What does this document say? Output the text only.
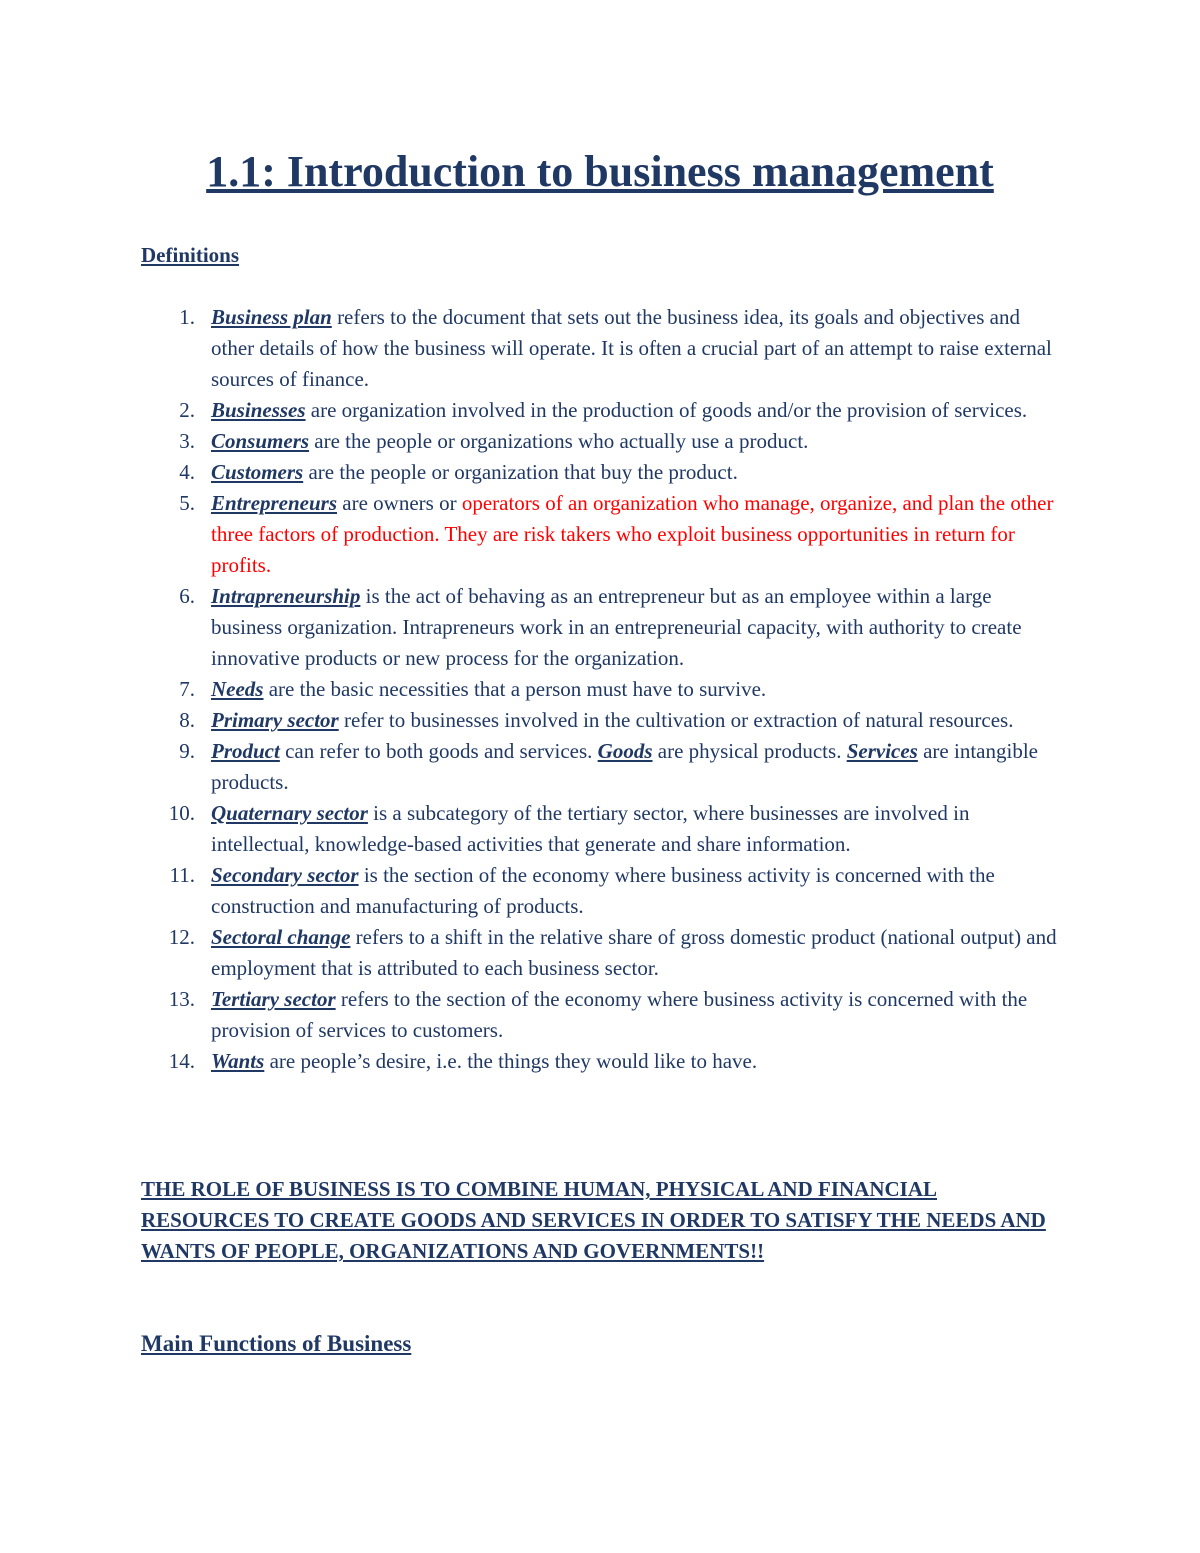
1.1: Introduction to business management
Definitions
1. Business plan refers to the document that sets out the business idea, its goals and objectives and other details of how the business will operate. It is often a crucial part of an attempt to raise external sources of finance.
2. Businesses are organization involved in the production of goods and/or the provision of services.
3. Consumers are the people or organizations who actually use a product.
4. Customers are the people or organization that buy the product.
5. Entrepreneurs are owners or operators of an organization who manage, organize, and plan the other three factors of production. They are risk takers who exploit business opportunities in return for profits.
6. Intrapreneurship is the act of behaving as an entrepreneur but as an employee within a large business organization. Intrapreneurs work in an entrepreneurial capacity, with authority to create innovative products or new process for the organization.
7. Needs are the basic necessities that a person must have to survive.
8. Primary sector refer to businesses involved in the cultivation or extraction of natural resources.
9. Product can refer to both goods and services. Goods are physical products. Services are intangible products.
10. Quaternary sector is a subcategory of the tertiary sector, where businesses are involved in intellectual, knowledge-based activities that generate and share information.
11. Secondary sector is the section of the economy where business activity is concerned with the construction and manufacturing of products.
12. Sectoral change refers to a shift in the relative share of gross domestic product (national output) and employment that is attributed to each business sector.
13. Tertiary sector refers to the section of the economy where business activity is concerned with the provision of services to customers.
14. Wants are people’s desire, i.e. the things they would like to have.

THE ROLE OF BUSINESS IS TO COMBINE HUMAN, PHYSICAL AND FINANCIAL RESOURCES TO CREATE GOODS AND SERVICES IN ORDER TO SATISFY THE NEEDS AND WANTS OF PEOPLE, ORGANIZATIONS AND GOVERNMENTS!!

Main Functions of Business
